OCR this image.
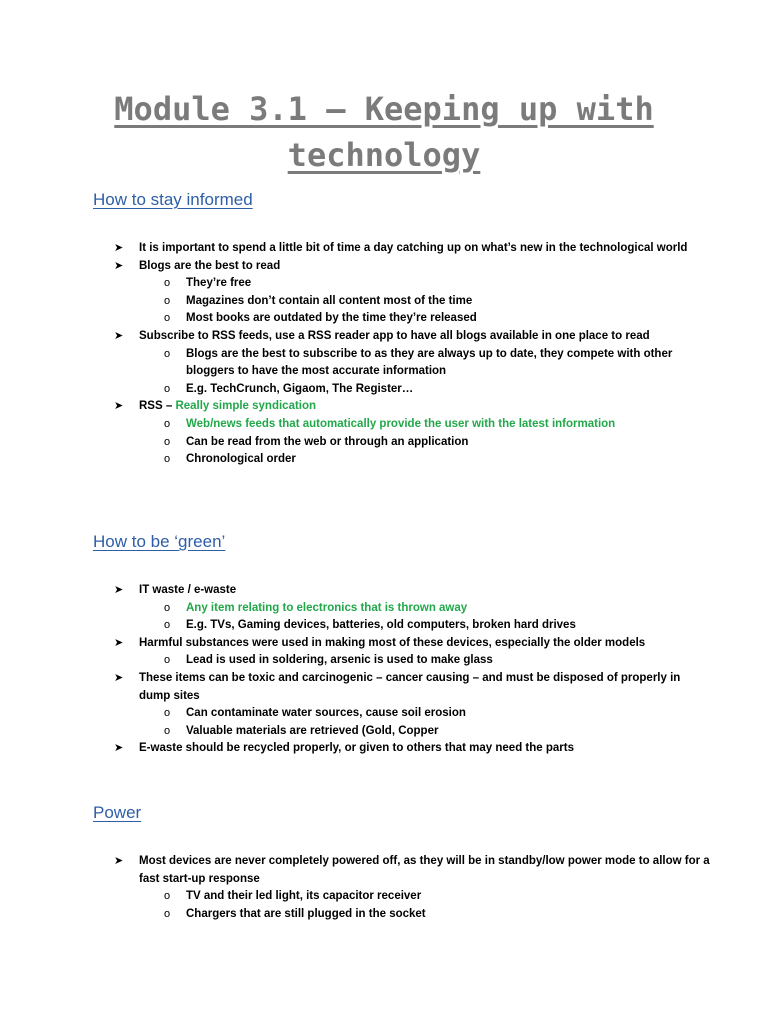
Module 3.1 – Keeping up with technology
How to stay informed
➤ It is important to spend a little bit of time a day catching up on what’s new in the technological world
➤ Blogs are the best to read
o They’re free
o Magazines don’t contain all content most of the time
o Most books are outdated by the time they’re released
➤ Subscribe to RSS feeds, use a RSS reader app to have all blogs available in one place to read
o Blogs are the best to subscribe to as they are always up to date, they compete with other bloggers to have the most accurate information
o E.g. TechCrunch, Gigaom, The Register…
➤ RSS – Really simple syndication
o Web/news feeds that automatically provide the user with the latest information
o Can be read from the web or through an application
o Chronological order
How to be ‘green’
➤ IT waste / e-waste
o Any item relating to electronics that is thrown away
o E.g. TVs, Gaming devices, batteries, old computers, broken hard drives
➤ Harmful substances were used in making most of these devices, especially the older models
o Lead is used in soldering, arsenic is used to make glass
➤ These items can be toxic and carcinogenic – cancer causing – and must be disposed of properly in dump sites
o Can contaminate water sources, cause soil erosion
o Valuable materials are retrieved (Gold, Copper
➤ E-waste should be recycled properly, or given to others that may need the parts
Power
➤ Most devices are never completely powered off, as they will be in standby/low power mode to allow for a fast start-up response
o TV and their led light, its capacitor receiver
o Chargers that are still plugged in the socket
